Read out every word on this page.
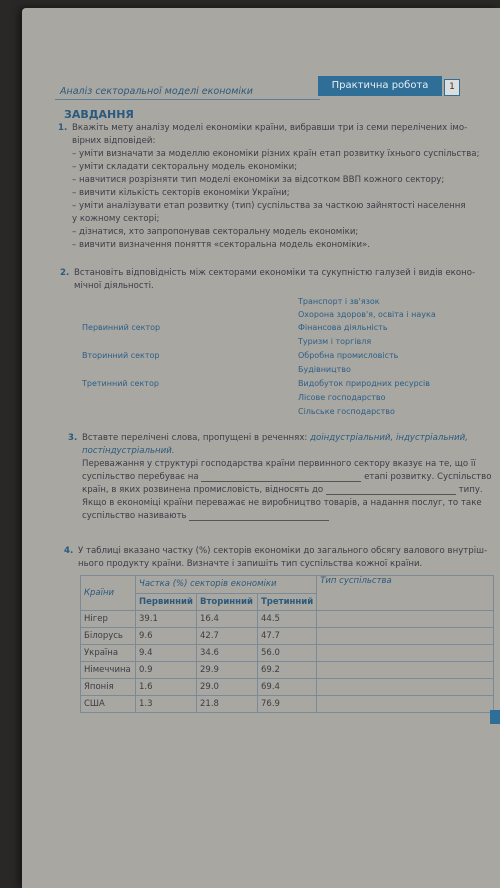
Аналіз секторальної моделі економіки
Практична робота	1
ЗАВДАННЯ
1. Вкажіть мету аналізу моделі економіки країни, вибравши три із семи перелічених імо-
вірних відповідей:
– уміти визначати за моделлю економіки різних країн етап розвитку їхнього суспільства;
– уміти складати секторальну модель економіки;
– навчитися розрізняти тип моделі економіки за відсотком ВВП кожного сектору;
– вивчити кількість секторів економіки України;
– уміти аналізувати етап розвитку (тип) суспільства за часткою зайнятості населення
у кожному секторі;
– дізнатися, хто запропонував секторальну модель економіки;
– вивчити визначення поняття «секторальна модель економіки».
2. Встановіть відповідність між секторами економіки та сукупністю галузей і видів еконо-
мічної діяльності.
Первинний сектор
Вторинний сектор
Третинний сектор
Транспорт і зв'язок
Охорона здоров'я, освіта і наука
Фінансова діяльність
Туризм і торгівля
Обробна промисловість
Будівництво
Видобуток природних ресурсів
Лісове господарство
Сільське господарство
3. Вставте перелічені слова, пропущені в реченнях: доіндустріальний, індустріальний,
постіндустріальний.
Переважання у структурі господарства країни первинного сектору вказує на те, що її
суспільство перебуває на	етапі розвитку. Суспільство
країн, в яких розвинена промисловість, відносять до	типу.
Якщо в економіці країни переважає не виробництво товарів, а надання послуг, то таке
суспільство називають
4. У таблиці вказано частку (%) секторів економіки до загального обсягу валового внутріш-
нього продукту країни. Визначте і запишіть тип суспільства кожної країни.
Країни	Частка (%) секторів економіки			Тип суспільства
	Первинний	Вторинний	Третинний	
Нігер	39.1	16.4	44.5	
Білорусь	9.6	42.7	47.7	
Україна	9.4	34.6	56.0	
Німеччина	0.9	29.9	69.2	
Японія	1.6	29.0	69.4	
США	1.3	21.8	76.9	
